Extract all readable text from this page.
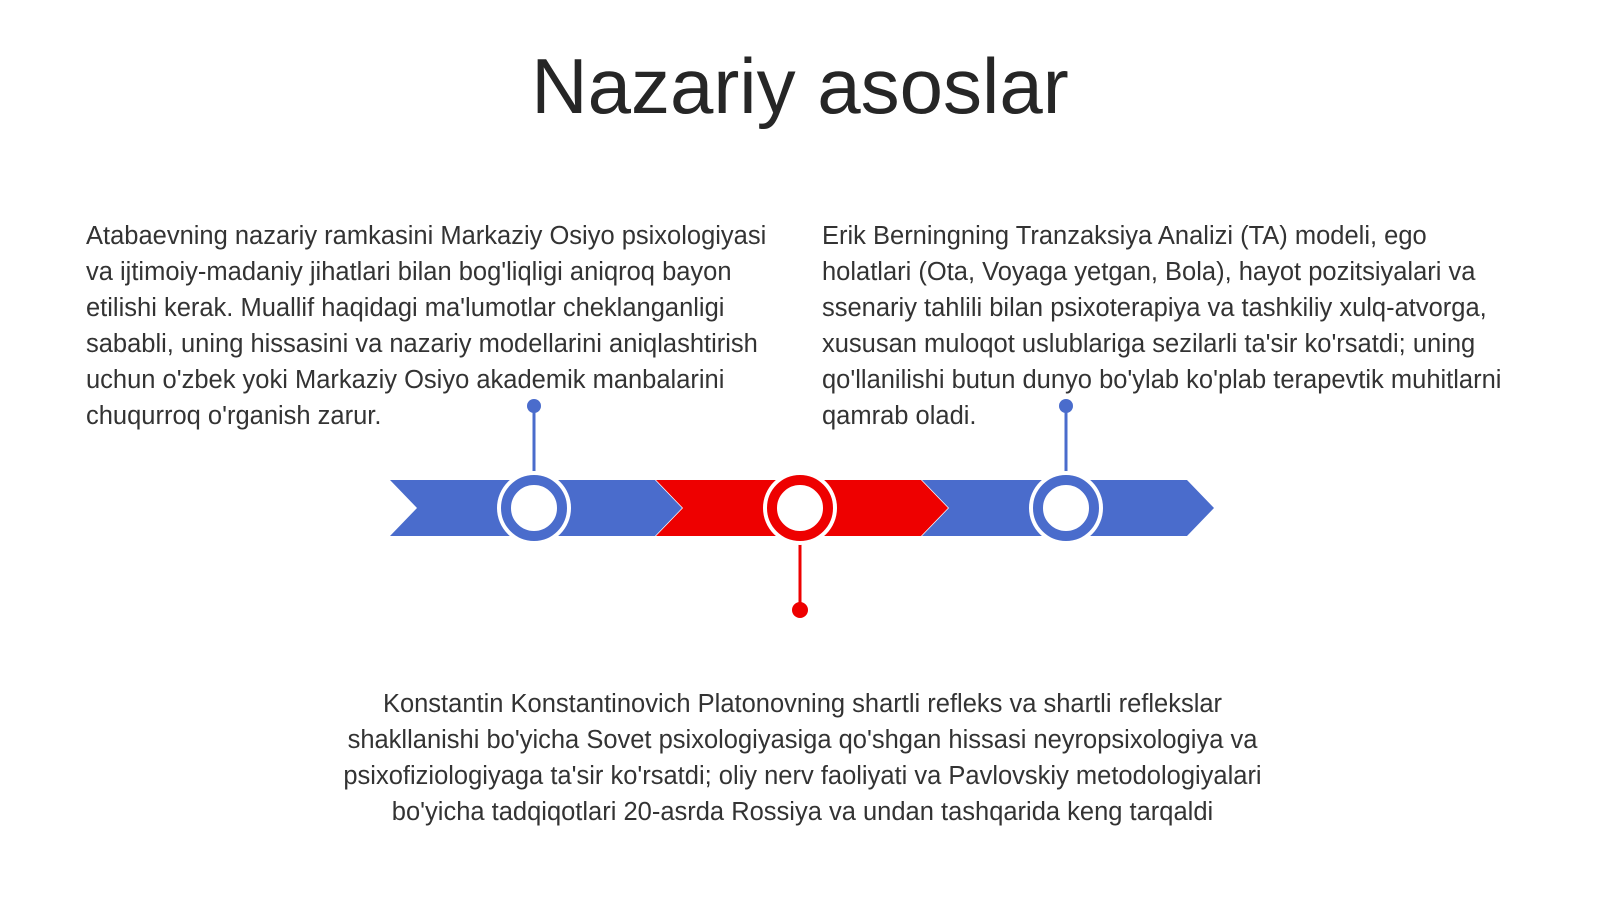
Nazariy asoslar

Atabaevning nazariy ramkasini Markaziy Osiyo psixologiyasi va ijtimoiy-madaniy jihatlari bilan bog'liqligi aniqroq bayon etilishi kerak. Muallif haqidagi ma'lumotlar cheklanganligi sababli, uning hissasini va nazariy modellarini aniqlashtirish uchun o'zbek yoki Markaziy Osiyo akademik manbalarini chuqurroq o'rganish zarur.

Erik Berningning Tranzaksiya Analizi (TA) modeli, ego holatlari (Ota, Voyaga yetgan, Bola), hayot pozitsiyalari va ssenariy tahlili bilan psixoterapiya va tashkiliy xulq-atvorga, xususan muloqot uslublariga sezilarli ta'sir ko'rsatdi; uning qo'llanilishi butun dunyo bo'ylab ko'plab terapevtik muhitlarni qamrab oladi.

Konstantin Konstantinovich Platonovning shartli refleks va shartli reflekslar shakllanishi bo'yicha Sovet psixologiyasiga qo'shgan hissasi neyropsixologiya va psixofiziologiyaga ta'sir ko'rsatdi; oliy nerv faoliyati va Pavlovskiy metodologiyalari bo'yicha tadqiqotlari 20-asrda Rossiya va undan tashqarida keng tarqaldi
